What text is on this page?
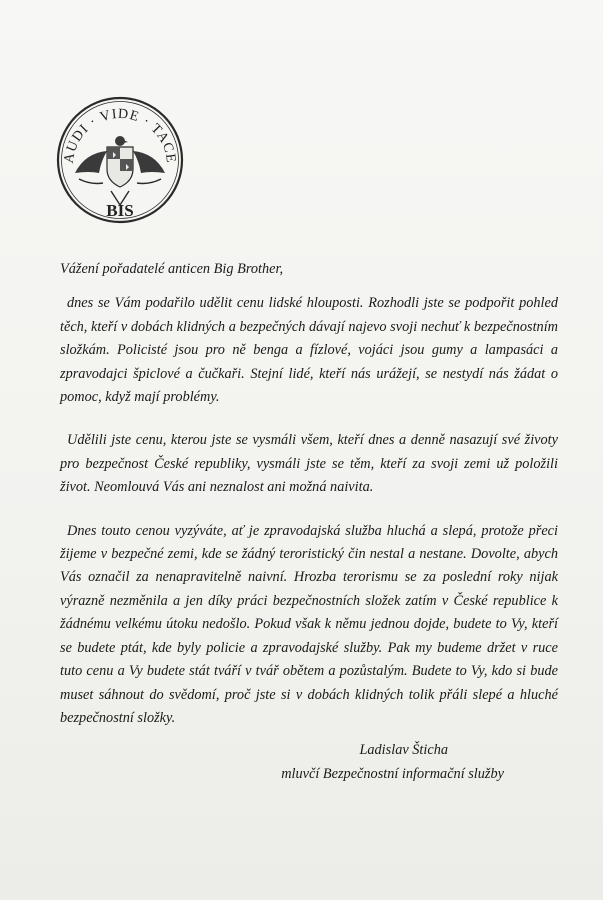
AUDI · VIDE · TACE
BIS

Vážení pořadatelé anticen Big Brother,

dnes se Vám podařilo udělit cenu lidské hlouposti. Rozhodli jste se podpořit pohled těch, kteří v dobách klidných a bezpečných dávají najevo svoji nechuť k bezpečnostním složkám. Policisté jsou pro ně benga a fízlové, vojáci jsou gumy a lampasáci a zpravodajci špiclové a čučkaři. Stejní lidé, kteří nás urážejí, se nestydí nás žádat o pomoc, když mají problémy.

Udělili jste cenu, kterou jste se vysmáli všem, kteří dnes a denně nasazují své životy pro bezpečnost České republiky, vysmáli jste se těm, kteří za svoji zemi už položili život. Neomlouvá Vás ani neznalost ani možná naivita.

Dnes touto cenou vyzýváte, ať je zpravodajská služba hluchá a slepá, protože přeci žijeme v bezpečné zemi, kde se žádný teroristický čin nestal a nestane. Dovolte, abych Vás označil za nenapravitelně naivní. Hrozba terorismu se za poslední roky nijak výrazně nezměnila a jen díky práci bezpečnostních složek zatím v České republice k žádnému velkému útoku nedošlo. Pokud však k němu jednou dojde, budete to Vy, kteří se budete ptát, kde byly policie a zpravodajské služby. Pak my budeme držet v ruce tuto cenu a Vy budete stát tváří v tvář obětem a pozůstalým. Budete to Vy, kdo si bude muset sáhnout do svědomí, proč jste si v dobách klidných tolik přáli slepé a hluché bezpečnostní složky.

Ladislav Šticha
mluvčí Bezpečnostní informační služby
